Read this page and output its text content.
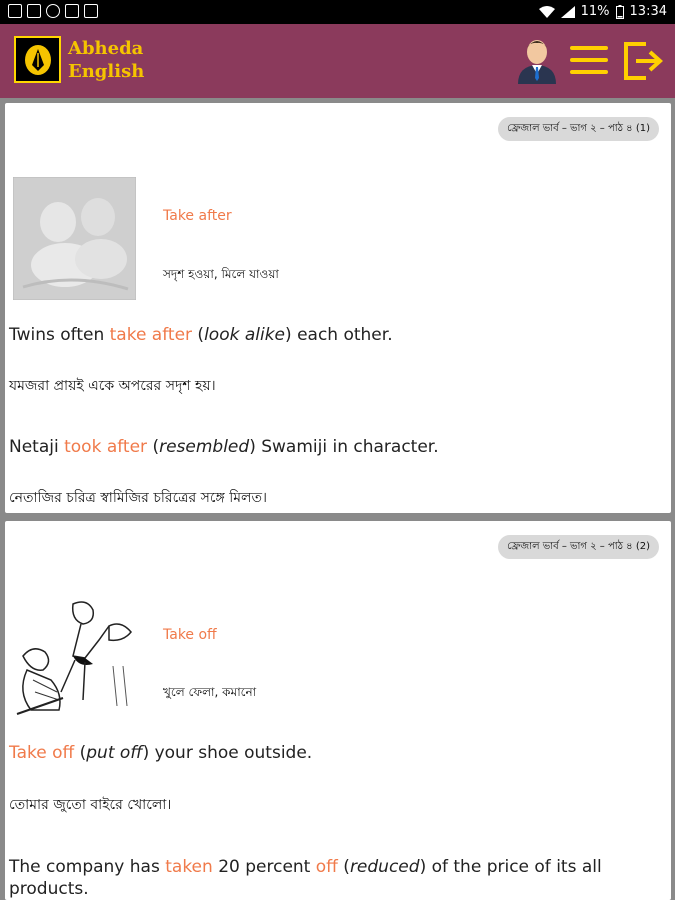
11% 13:34
Abheda
English
ফ্রেজাল ভার্ব – ভাগ ২ – পাঠ ৪ (1)
Take after
সদৃশ হওয়া, মিলে যাওয়া
Twins often take after (look alike) each other.
যমজরা প্রায়ই একে অপরের সদৃশ হয়।
Netaji took after (resembled) Swamiji in character.
নেতাজির চরিত্র স্বামিজির চরিত্রের সঙ্গে মিলত।
ফ্রেজাল ভার্ব – ভাগ ২ – পাঠ ৪ (2)
Take off
খুলে ফেলা, কমানো
Take off (put off) your shoe outside.
তোমার জুতো বাইরে খোলো।
The company has taken 20 percent off (reduced) of the price of its all products.
